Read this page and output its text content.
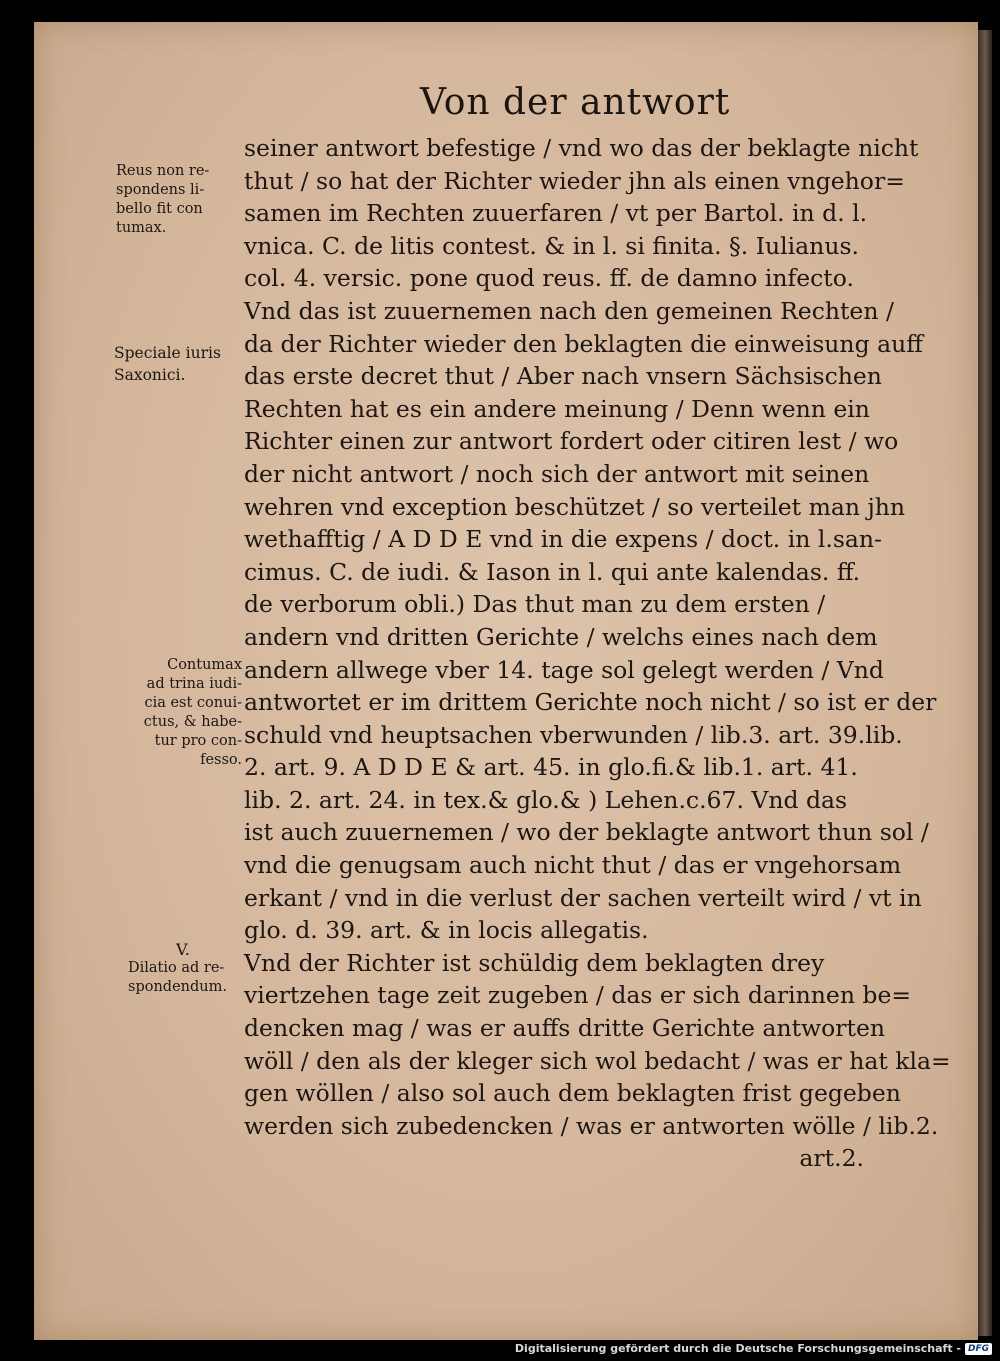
Von der antwort
seiner antwort befestige / vnd wo das der beklagte nicht
thut / so hat der Richter wieder jhn als einen vngehor=
samen im Rechten zuuerfaren / vt per Bartol. in d. l.
vnica. C. de litis contest. & in l. si finita. §. Iulianus.
col. 4. versic. pone quod reus. ff. de damno infecto.
Vnd das ist zuuernemen nach den gemeinen Rechten /
da der Richter wieder den beklagten die einweisung auff
das erste decret thut / Aber nach vnsern Sächsischen
Rechten hat es ein andere meinung / Denn wenn ein
Richter einen zur antwort fordert oder citiren lest / wo
der nicht antwort / noch sich der antwort mit seinen
wehren vnd exception beschützet / so verteilet man jhn
wethafftig / A D D E vnd in die expens / doct. in l.san-
cimus. C. de iudi. & Iason in l. qui ante kalendas. ff.
de verborum obli.) Das thut man zu dem ersten /
andern vnd dritten Gerichte / welchs eines nach dem
andern allwege vber 14. tage sol gelegt werden / Vnd
antwortet er im drittem Gerichte noch nicht / so ist er der
schuld vnd heuptsachen vberwunden / lib.3. art. 39.lib.
2. art. 9. A D D E & art. 45. in glo.fi.& lib.1. art. 41.
lib. 2. art. 24. in tex.& glo.& ) Lehen.c.67. Vnd das
ist auch zuuernemen / wo der beklagte antwort thun sol /
vnd die genugsam auch nicht thut / das er vngehorsam
erkant / vnd in die verlust der sachen verteilt wird / vt in
glo. d. 39. art. & in locis allegatis.
Vnd der Richter ist schüldig dem beklagten drey
viertzehen tage zeit zugeben / das er sich darinnen be=
dencken mag / was er auffs dritte Gerichte antworten
wöll / den als der kleger sich wol bedacht / was er hat kla=
gen wöllen / also sol auch dem beklagten frist gegeben
werden sich zubedencken / was er antworten wölle / lib.2.
art.2.
Reus non re-
spondens li-
bello fit con
tumax.
Speciale iuris
Saxonici.
Contumax
ad trina iudi-
cia est conui-
ctus, & habe-
tur pro con-
fesso.
V.
Dilatio ad re-
spondendum.
Digitalisierung gefördert durch die Deutsche Forschungsgemeinschaft - DFG
